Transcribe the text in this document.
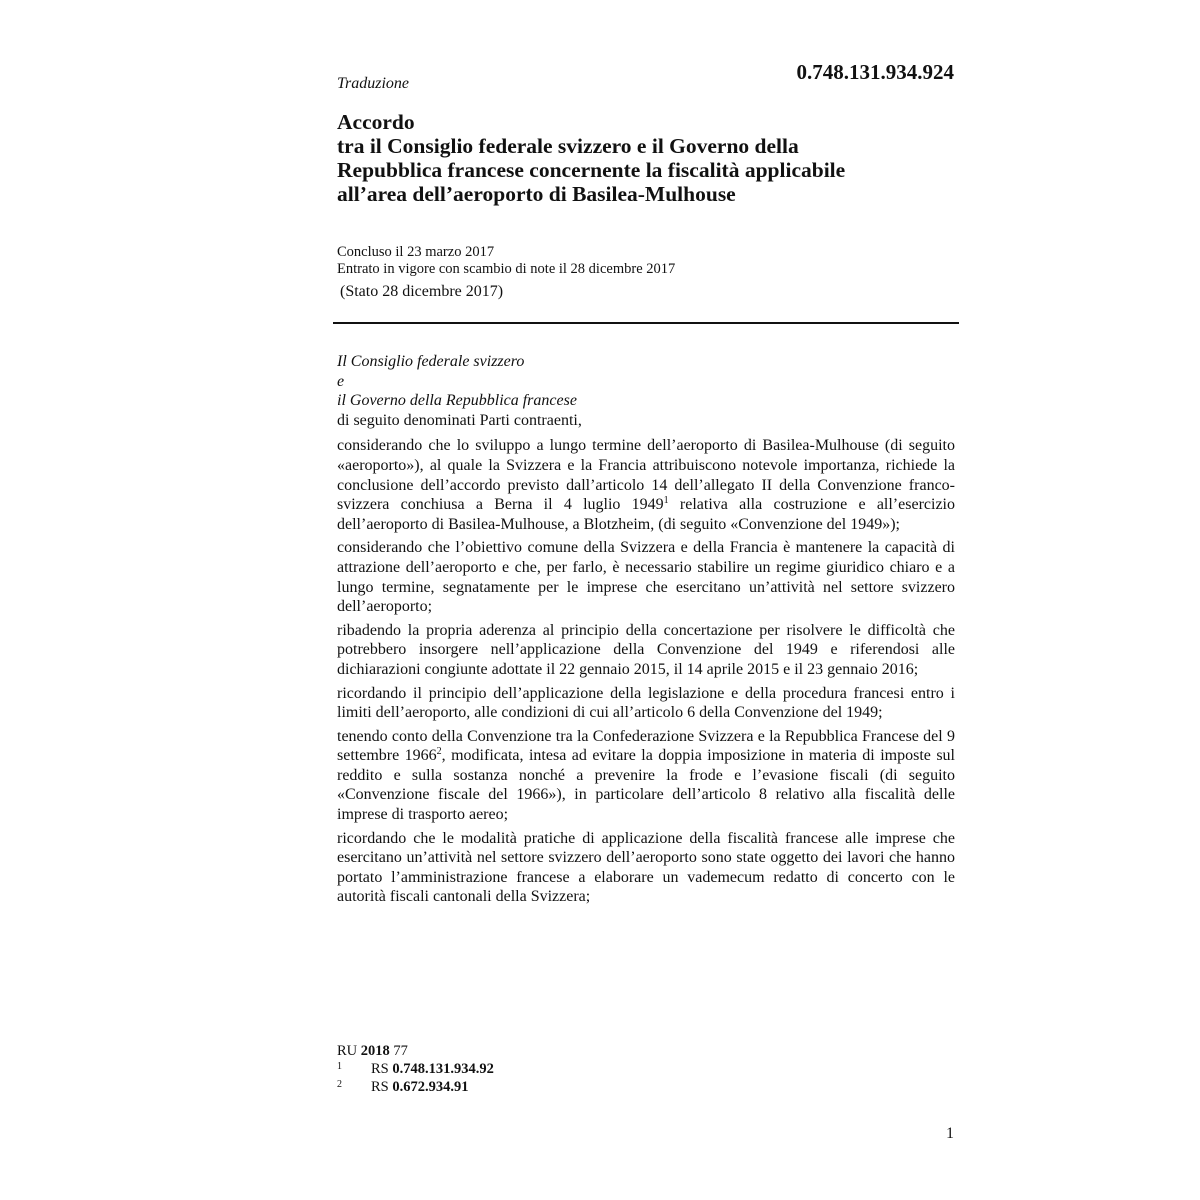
0.748.131.934.924
Traduzione
Accordo
tra il Consiglio federale svizzero e il Governo della
Repubblica francese concernente la fiscalità applicabile
all’area dell’aeroporto di Basilea-Mulhouse
Concluso il 23 marzo 2017
Entrato in vigore con scambio di note il 28 dicembre 2017
(Stato 28 dicembre 2017)
Il Consiglio federale svizzero
e
il Governo della Repubblica francese
di seguito denominati Parti contraenti,

considerando che lo sviluppo a lungo termine dell’aeroporto di Basilea-Mulhouse (di seguito «aeroporto»), al quale la Svizzera e la Francia attribuiscono notevole importanza, richiede la conclusione dell’accordo previsto dall’articolo 14 dell’allegato II della Convenzione franco-svizzera conchiusa a Berna il 4 luglio 1949$^1$ relativa alla costruzione e all’esercizio dell’aeroporto di Basilea-Mulhouse, a Blotzheim, (di seguito «Convenzione del 1949»);

considerando che l’obiettivo comune della Svizzera e della Francia è mantenere la capacità di attrazione dell’aeroporto e che, per farlo, è necessario stabilire un regime giuridico chiaro e a lungo termine, segnatamente per le imprese che esercitano un’attività nel settore svizzero dell’aeroporto;

ribadendo la propria aderenza al principio della concertazione per risolvere le difficoltà che potrebbero insorgere nell’applicazione della Convenzione del 1949 e riferendosi alle dichiarazioni congiunte adottate il 22 gennaio 2015, il 14 aprile 2015 e il 23 gennaio 2016;

ricordando il principio dell’applicazione della legislazione e della procedura francesi entro i limiti dell’aeroporto, alle condizioni di cui all’articolo 6 della Convenzione del 1949;

tenendo conto della Convenzione tra la Confederazione Svizzera e la Repubblica Francese del 9 settembre 1966$^2$, modificata, intesa ad evitare la doppia imposizione in materia di imposte sul reddito e sulla sostanza nonché a prevenire la frode e l’evasione fiscali (di seguito «Convenzione fiscale del 1966»), in particolare dell’articolo 8 relativo alla fiscalità delle imprese di trasporto aereo;

ricordando che le modalità pratiche di applicazione della fiscalità francese alle imprese che esercitano un’attività nel settore svizzero dell’aeroporto sono state oggetto dei lavori che hanno portato l’amministrazione francese a elaborare un vademecum redatto di concerto con le autorità fiscali cantonali della Svizzera;

RU 2018 77
1 RS 0.748.131.934.92
2 RS 0.672.934.91
1
